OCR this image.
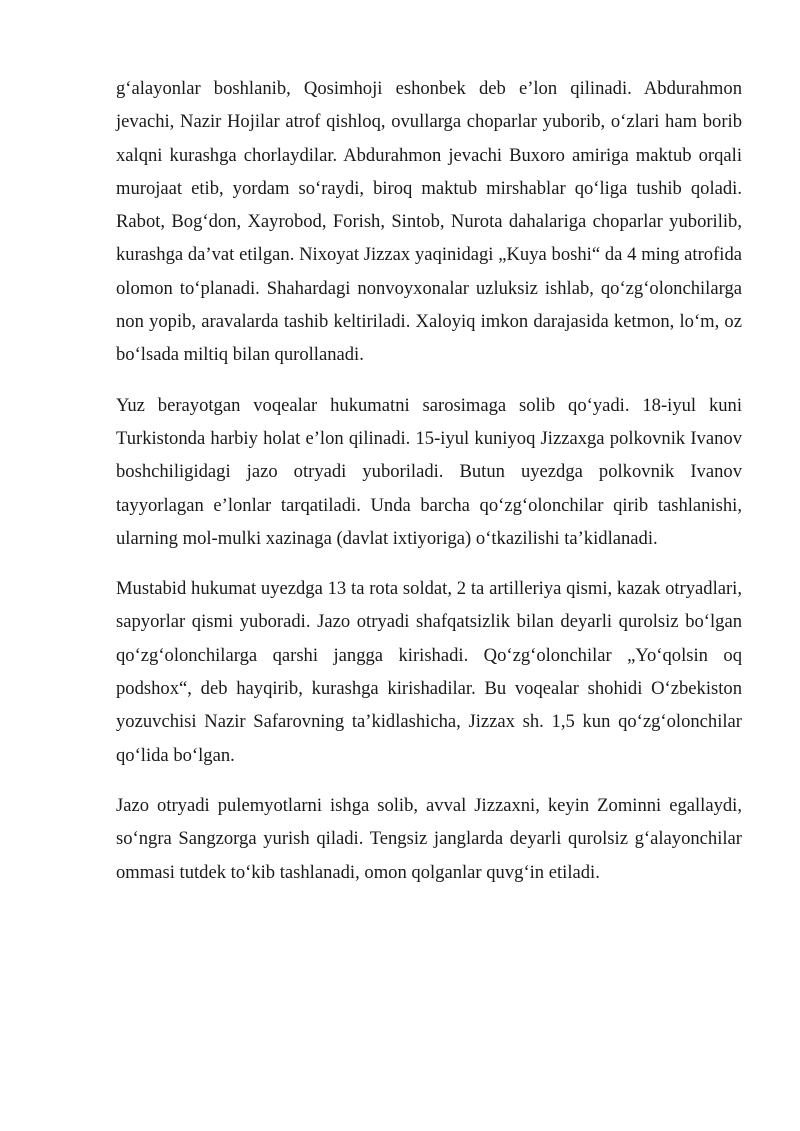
g‘alayonlar boshlanib, Qosimhoji eshonbek deb e’lon qilinadi. Abdurahmon jevachi, Nazir Hojilar atrof qishloq, ovullarga choparlar yuborib, o‘zlari ham borib xalqni kurashga chorlaydilar. Abdurahmon jevachi Buxoro amiriga maktub orqali murojaat etib, yordam so‘raydi, biroq maktub mirshablar qo‘liga tushib qoladi. Rabot, Bog‘don, Xayrobod, Forish, Sintob, Nurota dahalariga choparlar yuborilib, kurashga da’vat etilgan. Nixoyat Jizzax yaqinidagi „Kuya boshi“ da 4 ming atrofida olomon to‘planadi. Shahardagi nonvoyxonalar uzluksiz ishlab, qo‘zg‘olonchilarga non yopib, aravalarda tashib keltiriladi. Xaloyiq imkon darajasida ketmon, lo‘m, oz bo‘lsada miltiq bilan qurollanadi.

Yuz berayotgan voqealar hukumatni sarosimaga solib qo‘yadi. 18-iyul kuni Turkistonda harbiy holat e’lon qilinadi. 15-iyul kuniyoq Jizzaxga polkovnik Ivanov boshchiligidagi jazo otryadi yuboriladi. Butun uyezdga polkovnik Ivanov tayyorlagan e’lonlar tarqatiladi. Unda barcha qo‘zg‘olonchilar qirib tashlanishi, ularning mol-mulki xazinaga (davlat ixtiyoriga) o‘tkazilishi ta’kidlanadi.

Mustabid hukumat uyezdga 13 ta rota soldat, 2 ta artilleriya qismi, kazak otryadlari, sapyorlar qismi yuboradi. Jazo otryadi shafqatsizlik bilan deyarli qurolsiz bo‘lgan qo‘zg‘olonchilarga qarshi jangga kirishadi. Qo‘zg‘olonchilar „Yo‘qolsin oq podshox“, deb hayqirib, kurashga kirishadilar. Bu voqealar shohidi O‘zbekiston yozuvchisi Nazir Safarovning ta’kidlashicha, Jizzax sh. 1,5 kun qo‘zg‘olonchilar qo‘lida bo‘lgan.

Jazo otryadi pulemyotlarni ishga solib, avval Jizzaxni, keyin Zominni egallaydi, so‘ngra Sangzorga yurish qiladi. Tengsiz janglarda deyarli qurolsiz g‘alayonchilar ommasi tutdek to‘kib tashlanadi, omon qolganlar quvg‘in etiladi.
